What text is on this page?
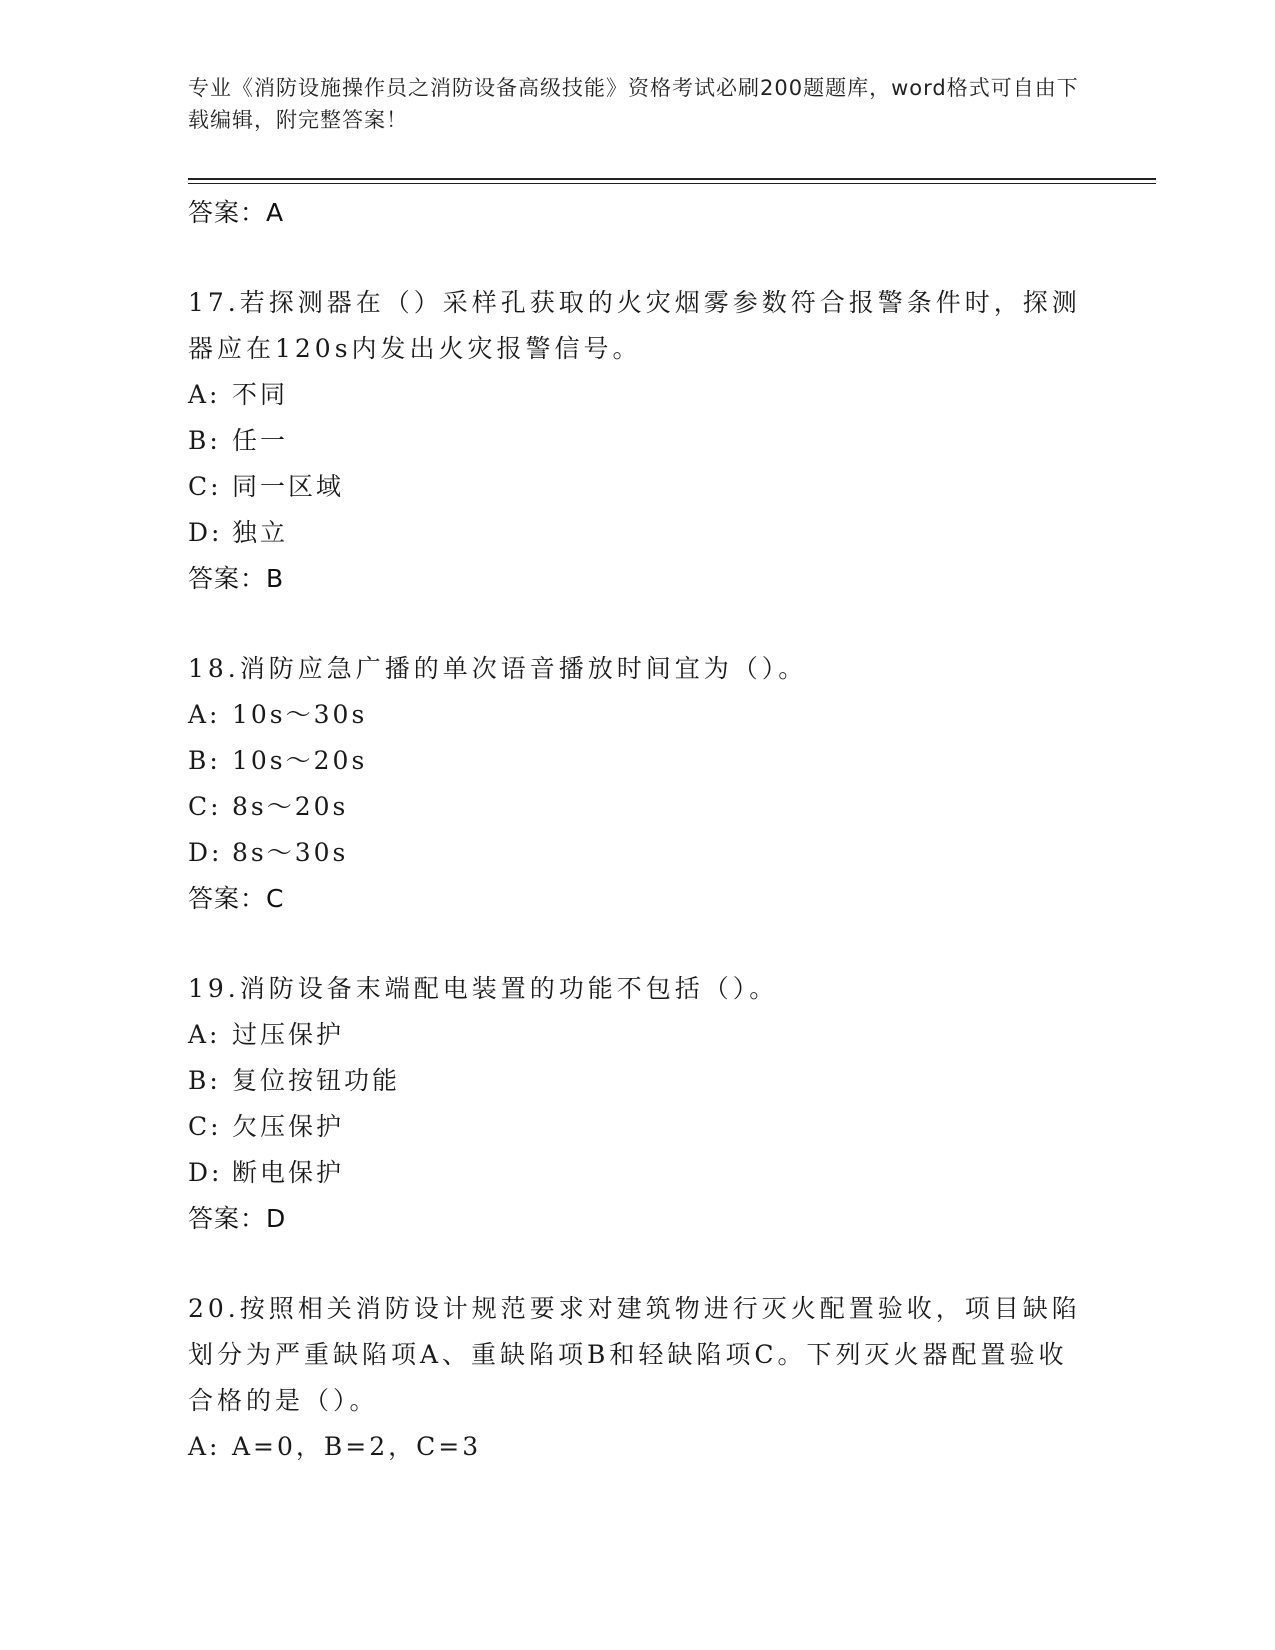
专业《消防设施操作员之消防设备高级技能》资格考试必刷200题题库，word格式可自由下载编辑，附完整答案！

答案：A

17.若探测器在（）采样孔获取的火灾烟雾参数符合报警条件时，探测器应在120s内发出火灾报警信号。

A: 不同

B: 任一

C: 同一区域

D: 独立

答案：B

18.消防应急广播的单次语音播放时间宜为（）。

A: 10s～30s

B: 10s～20s

C: 8s～20s

D: 8s～30s

答案：C

19.消防设备末端配电装置的功能不包括（）。

A: 过压保护

B: 复位按钮功能

C: 欠压保护

D: 断电保护

答案：D

20.按照相关消防设计规范要求对建筑物进行灭火配置验收，项目缺陷划分为严重缺陷项A、重缺陷项B和轻缺陷项C。下列灭火器配置验收合格的是（）。

A: A=0，B=2，C=3
